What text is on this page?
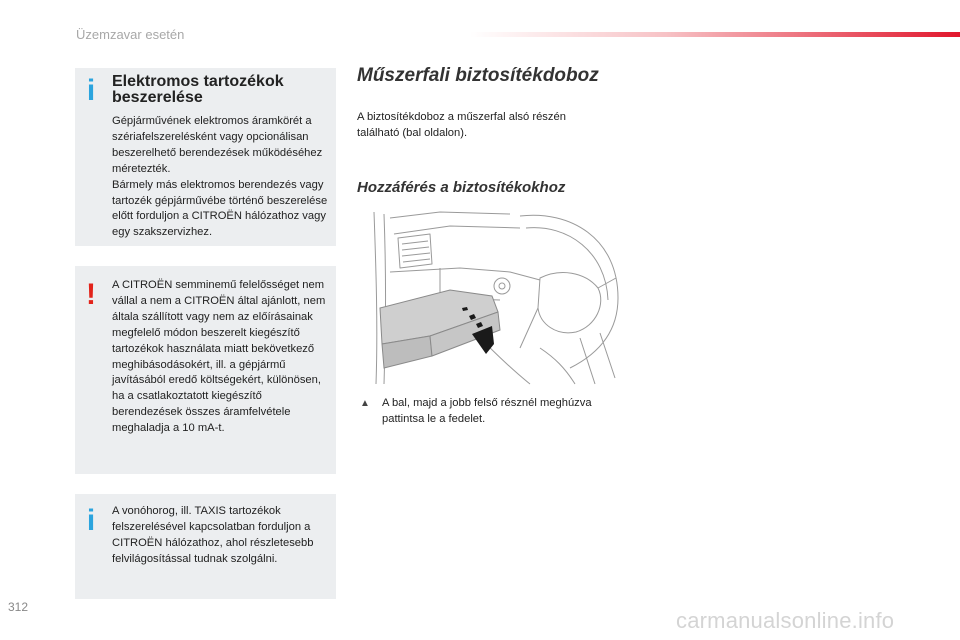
Üzemzavar esetén
i Elektromos tartozékok beszerelése

Gépjárművének elektromos áramkörét a szériafelszerelésként vagy opcionálisan beszerelhető berendezések működéséhez méretezték.
Bármely más elektromos berendezés vagy tartozék gépjárművébe történő beszerelése előtt forduljon a CITROËN hálózathoz vagy egy szakszervizhez.

! A CITROËN semminemű felelősséget nem vállal a nem a CITROËN által ajánlott, nem általa szállított vagy nem az előírásainak megfelelő módon beszerelt kiegészítő tartozékok használata miatt bekövetkező meghibásodásokért, ill. a gépjármű javításából eredő költségekért, különösen, ha a csatlakoztatott kiegészítő berendezések összes áramfelvétele meghaladja a 10 mA-t.

i A vonóhorog, ill. TAXIS tartozékok felszerelésével kapcsolatban forduljon a CITROËN hálózathoz, ahol részletesebb felvilágosítással tudnak szolgálni.

312
Műszerfali biztosítékdoboz

A biztosítékdoboz a műszerfal alsó részén található (bal oldalon).

Hozzáférés a biztosítékokhoz
▲ A bal, majd a jobb felső résznél meghúzva pattintsa le a fedelet.
carmanualsonline.info
